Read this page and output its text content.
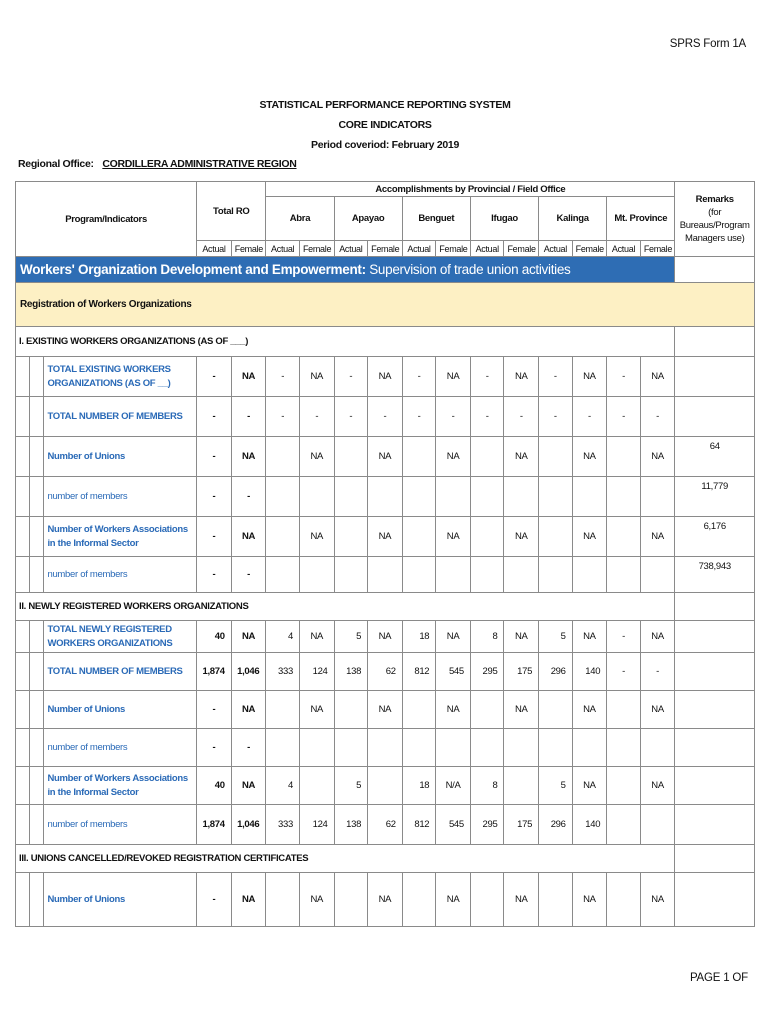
SPRS Form 1A
STATISTICAL PERFORMANCE REPORTING SYSTEM
CORE INDICATORS
Period coveriod: February 2019
Regional Office: CORDILLERA ADMINISTRATIVE REGION
Program/Indicators			Total RO		Accomplishments by Provincial / Field Office												Remarks
(for Bureaus/Program Managers use)
					Abra		Apayao		Benguet		Ifugao		Kalinga		Mt. Province		
			Actual	Female	Actual	Female	Actual	Female	Actual	Female	Actual	Female	Actual	Female	Actual	Female	
Workers' Organization Development and Empowerment: Supervision of trade union activities																	
Registration of Workers Organizations																	
I. EXISTING WORKERS ORGANIZATIONS (AS OF ___)																	
		TOTAL EXISTING WORKERS ORGANIZATIONS (AS OF __)	-	NA	-	NA	-	NA	-	NA	-	NA	-	NA	-	NA	
		TOTAL NUMBER OF MEMBERS	-	-	-	-	-	-	-	-	-	-	-	-	-	-	
		Number of Unions	-	NA		NA		NA		NA		NA		NA		NA	64
		number of members	-	-													11,779
		Number of Workers Associations in the Informal Sector	-	NA		NA		NA		NA		NA		NA		NA	6,176
		number of members	-	-													738,943
II. NEWLY REGISTERED WORKERS ORGANIZATIONS																	
		TOTAL NEWLY REGISTERED WORKERS ORGANIZATIONS	40	NA	4	NA	5	NA	18	NA	8	NA	5	NA	-	NA	
		TOTAL NUMBER OF MEMBERS	1,874	1,046	333	124	138	62	812	545	295	175	296	140	-	-	
		Number of Unions	-	NA		NA		NA		NA		NA		NA		NA	
		number of members	-	-													
		Number of Workers Associations in the Informal Sector	40	NA	4		5		18	N/A	8		5	NA		NA	
		number of members	1,874	1,046	333	124	138	62	812	545	295	175	296	140			
III. UNIONS CANCELLED/REVOKED REGISTRATION CERTIFICATES																	
		Number of Unions	-	NA		NA		NA		NA		NA		NA		NA	
PAGE 1 OF
